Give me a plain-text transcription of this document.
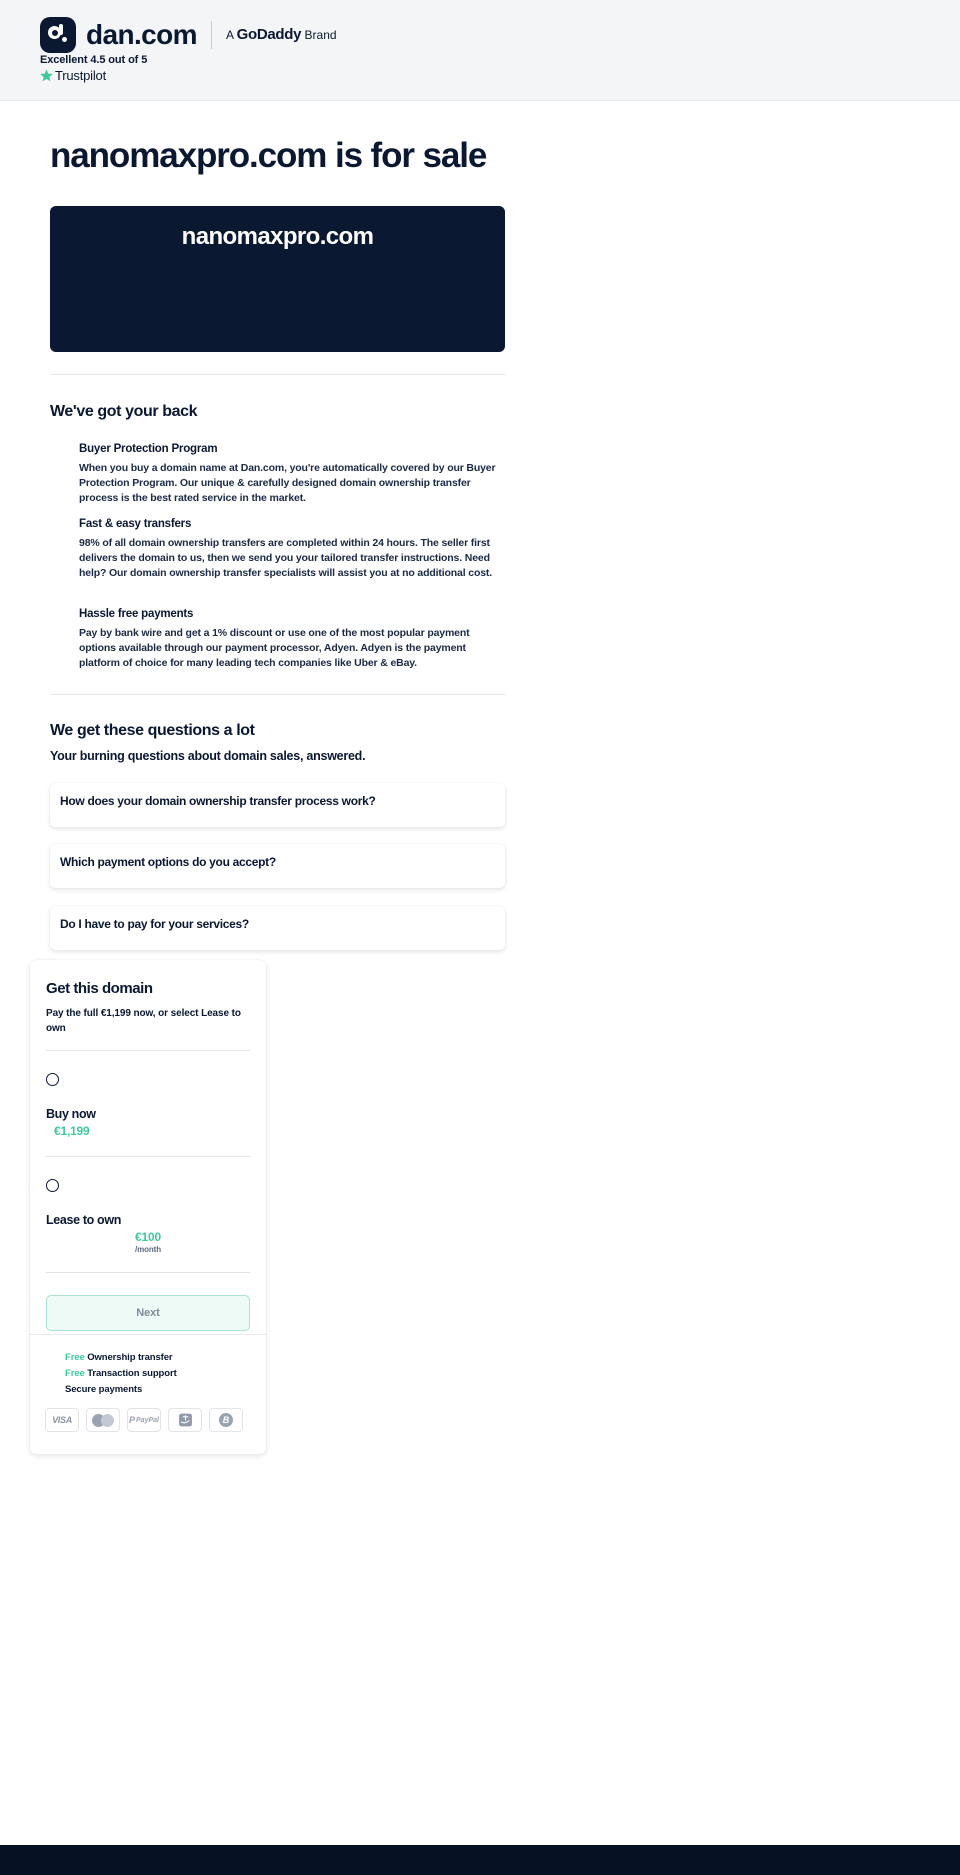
dan.com A GoDaddy Brand
Excellent 4.5 out of 5
Trustpilot
nanomaxpro.com is for sale
nanomaxpro.com
We've got your back
Buyer Protection Program

When you buy a domain name at Dan.com, you're automatically covered by our Buyer Protection Program. Our unique & carefully designed domain ownership transfer process is the best rated service in the market.

Fast & easy transfers

98% of all domain ownership transfers are completed within 24 hours. The seller first delivers the domain to us, then we send you your tailored transfer instructions. Need help? Our domain ownership transfer specialists will assist you at no additional cost.

Hassle free payments

Pay by bank wire and get a 1% discount or use one of the most popular payment options available through our payment processor, Adyen. Adyen is the payment platform of choice for many leading tech companies like Uber & eBay.

We get these questions a lot
Your burning questions about domain sales, answered.
How does your domain ownership transfer process work?
Which payment options do you accept?
Do I have to pay for your services?
Get this domain
Pay the full €1,199 now, or select Lease to own
Buy now
€1,199
Lease to own
€100
/month
Next
Free Ownership transfer
Free Transaction support
Secure payments
VISA	P PayPal	B
